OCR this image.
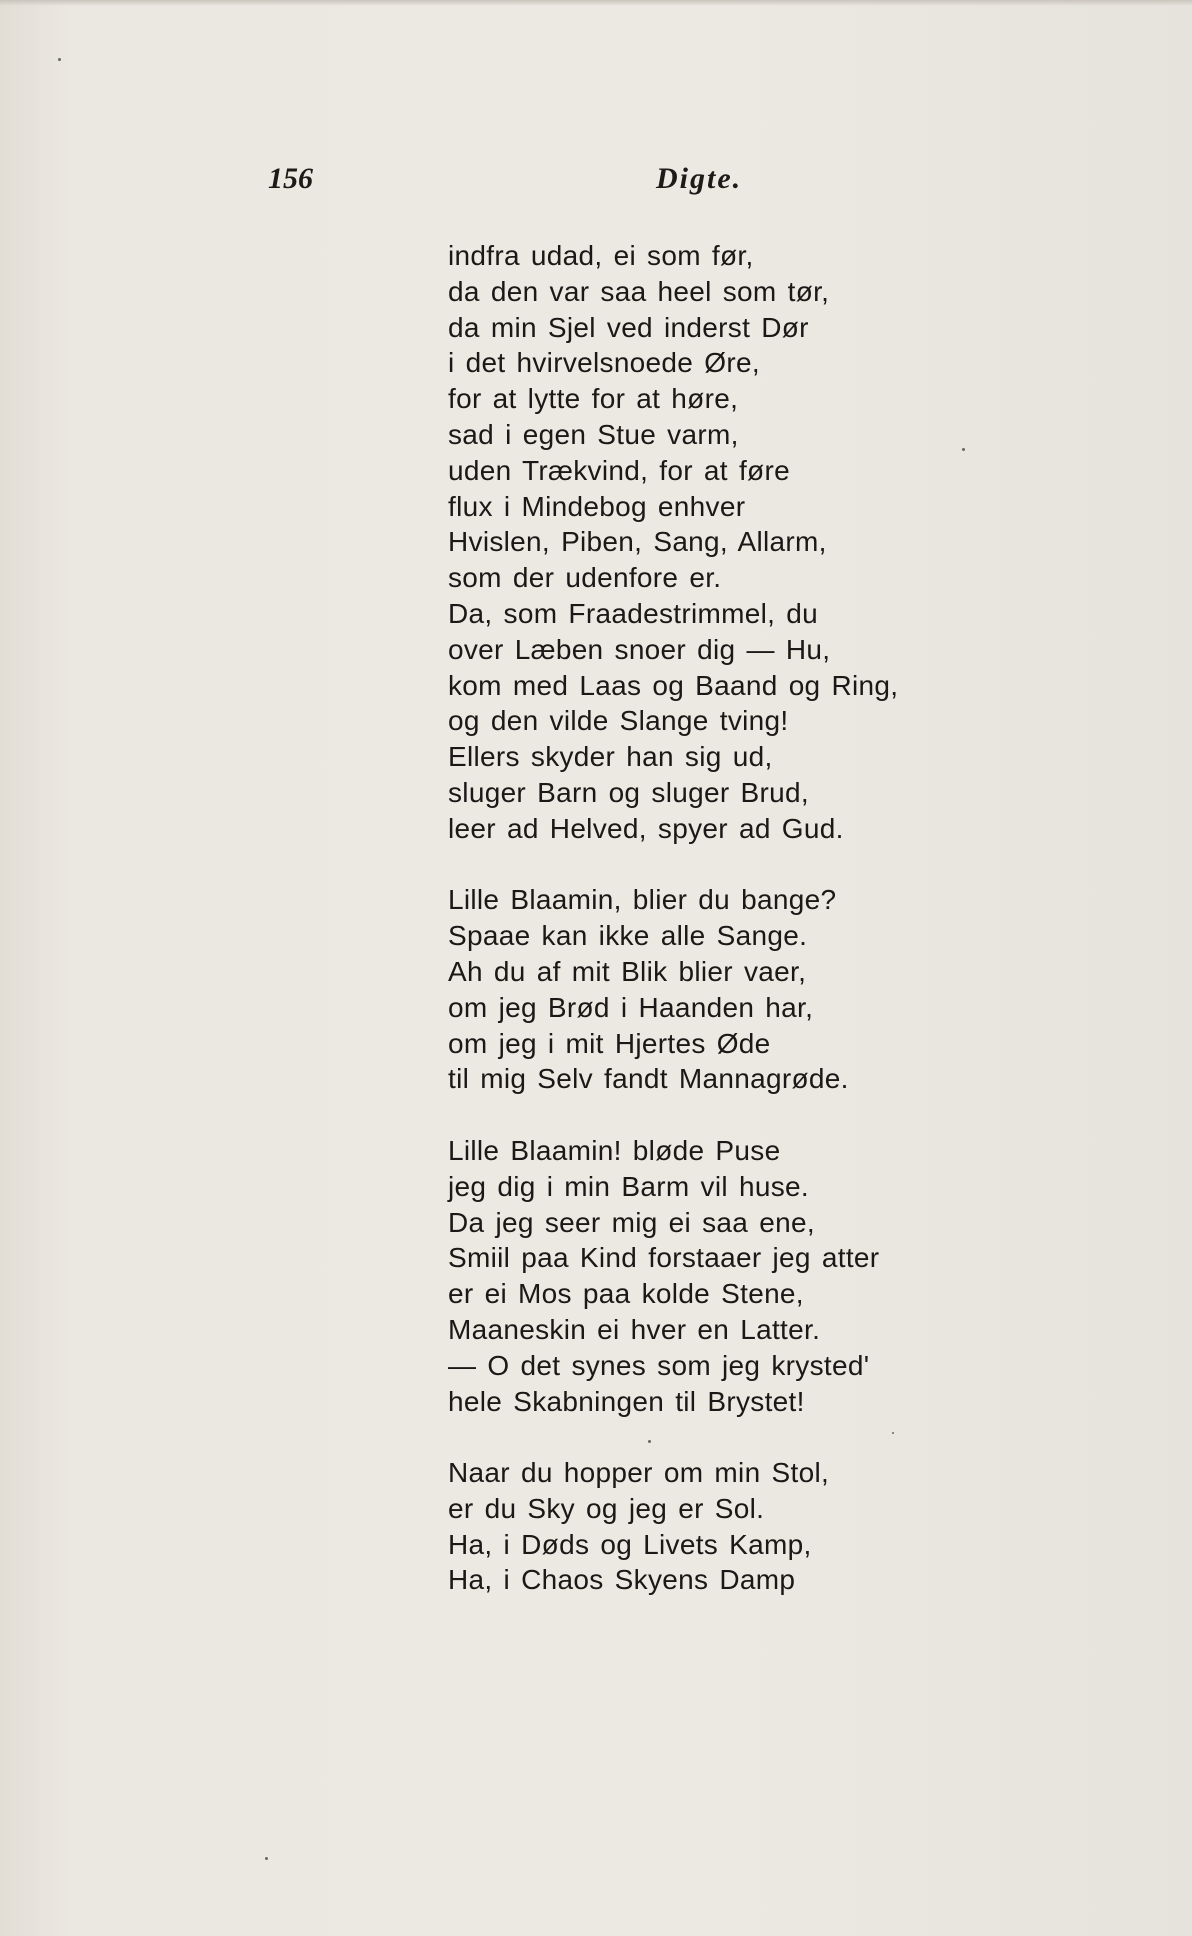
156	Digte.
indfra udad, ei som før,
da den var saa heel som tør,
da min Sjel ved inderst Dør
i det hvirvelsnoede Øre,
for at lytte for at høre,
sad i egen Stue varm,
uden Trækvind, for at føre
flux i Mindebog enhver
Hvislen, Piben, Sang, Allarm,
som der udenfore er.
Da, som Fraadestrimmel, du
over Læben snoer dig — Hu,
kom med Laas og Baand og Ring,
og den vilde Slange tving!
Ellers skyder han sig ud,
sluger Barn og sluger Brud,
leer ad Helved, spyer ad Gud.
Lille Blaamin, blier du bange?
Spaae kan ikke alle Sange.
Ah du af mit Blik blier vaer,
om jeg Brød i Haanden har,
om jeg i mit Hjertes Øde
til mig Selv fandt Mannagrøde.
Lille Blaamin! bløde Puse
jeg dig i min Barm vil huse.
Da jeg seer mig ei saa ene,
Smiil paa Kind forstaaer jeg atter
er ei Mos paa kolde Stene,
Maaneskin ei hver en Latter.
— O det synes som jeg krysted'
hele Skabningen til Brystet!
Naar du hopper om min Stol,
er du Sky og jeg er Sol.
Ha, i Døds og Livets Kamp,
Ha, i Chaos Skyens Damp
